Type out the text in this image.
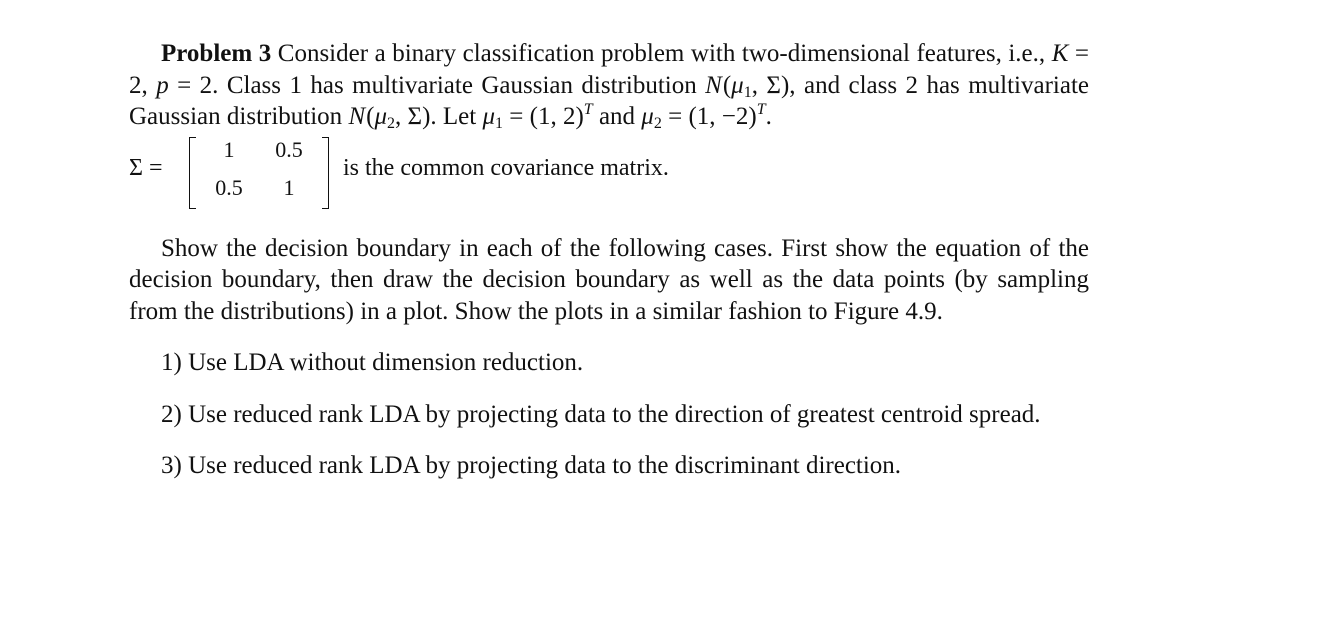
Problem 3 Consider a binary classification problem with two-dimensional features, i.e., K = 2, p = 2. Class 1 has multivariate Gaussian distribution $N(\mu_1$, Σ), and class 2 has multivariate Gaussian distribution $N(\mu_2$, Σ). Let $\mu_1 = (1$, 2)$^T$ and $\mu_2 = (1$, −2)$^T$.

Σ =
1	0.5
0.5	1
is the common covariance matrix.

Show the decision boundary in each of the following cases. First show the equation of the decision boundary, then draw the decision boundary as well as the data points (by sampling from the distributions) in a plot. Show the plots in a similar fashion to Figure 4.9.

1) Use LDA without dimension reduction.

2) Use reduced rank LDA by projecting data to the direction of greatest centroid spread.

3) Use reduced rank LDA by projecting data to the discriminant direction.
